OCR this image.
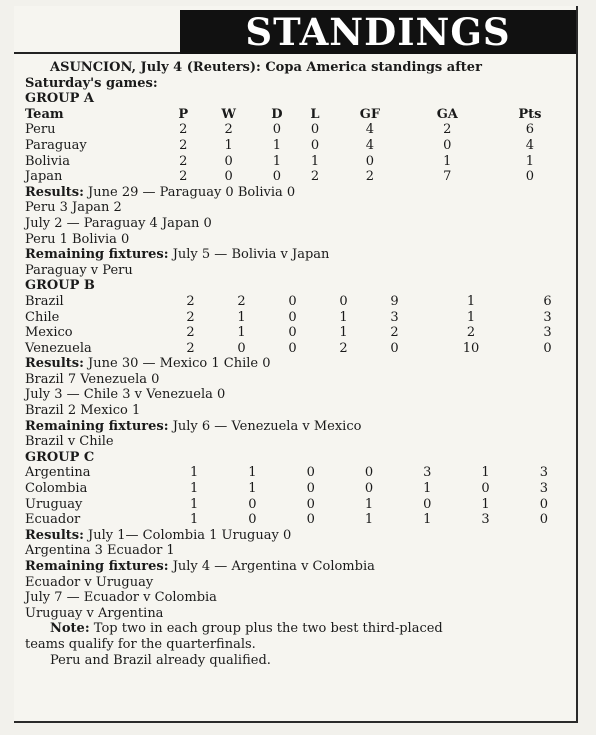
STANDINGS
ASUNCION, July 4 (Reuters): Copa America standings after
Saturday's games:
GROUP A
Team	P	W	D	L	GF	GA	Pts
Peru	2	2	0	0	4	2	6
Paraguay	2	1	1	0	4	0	4
Bolivia	2	0	1	1	0	1	1
Japan	2	0	0	2	2	7	0
Results: June 29 — Paraguay 0 Bolivia 0
Peru 3 Japan 2
July 2 — Paraguay 4 Japan 0
Peru 1 Bolivia 0
Remaining fixtures: July 5 — Bolivia v Japan
Paraguay v Peru
GROUP B
Brazil	2	2	0	0	9	1	6
Chile	2	1	0	1	3	1	3
Mexico	2	1	0	1	2	2	3
Venezuela	2	0	0	2	0	10	0
Results: June 30 — Mexico 1 Chile 0
Brazil 7 Venezuela 0
July 3 — Chile 3 v Venezuela 0
Brazil 2 Mexico 1
Remaining fixtures: July 6 — Venezuela v Mexico
Brazil v Chile
GROUP C
Argentina	1	1	0	0	3	1	3
Colombia	1	1	0	0	1	0	3
Uruguay	1	0	0	1	0	1	0
Ecuador	1	0	0	1	1	3	0
Results: July 1— Colombia 1 Uruguay 0
Argentina 3 Ecuador 1
Remaining fixtures: July 4 — Argentina v Colombia
Ecuador v Uruguay
July 7 — Ecuador v Colombia
Uruguay v Argentina
Note: Top two in each group plus the two best third-placed
teams qualify for the quarterfinals.
Peru and Brazil already qualified.
